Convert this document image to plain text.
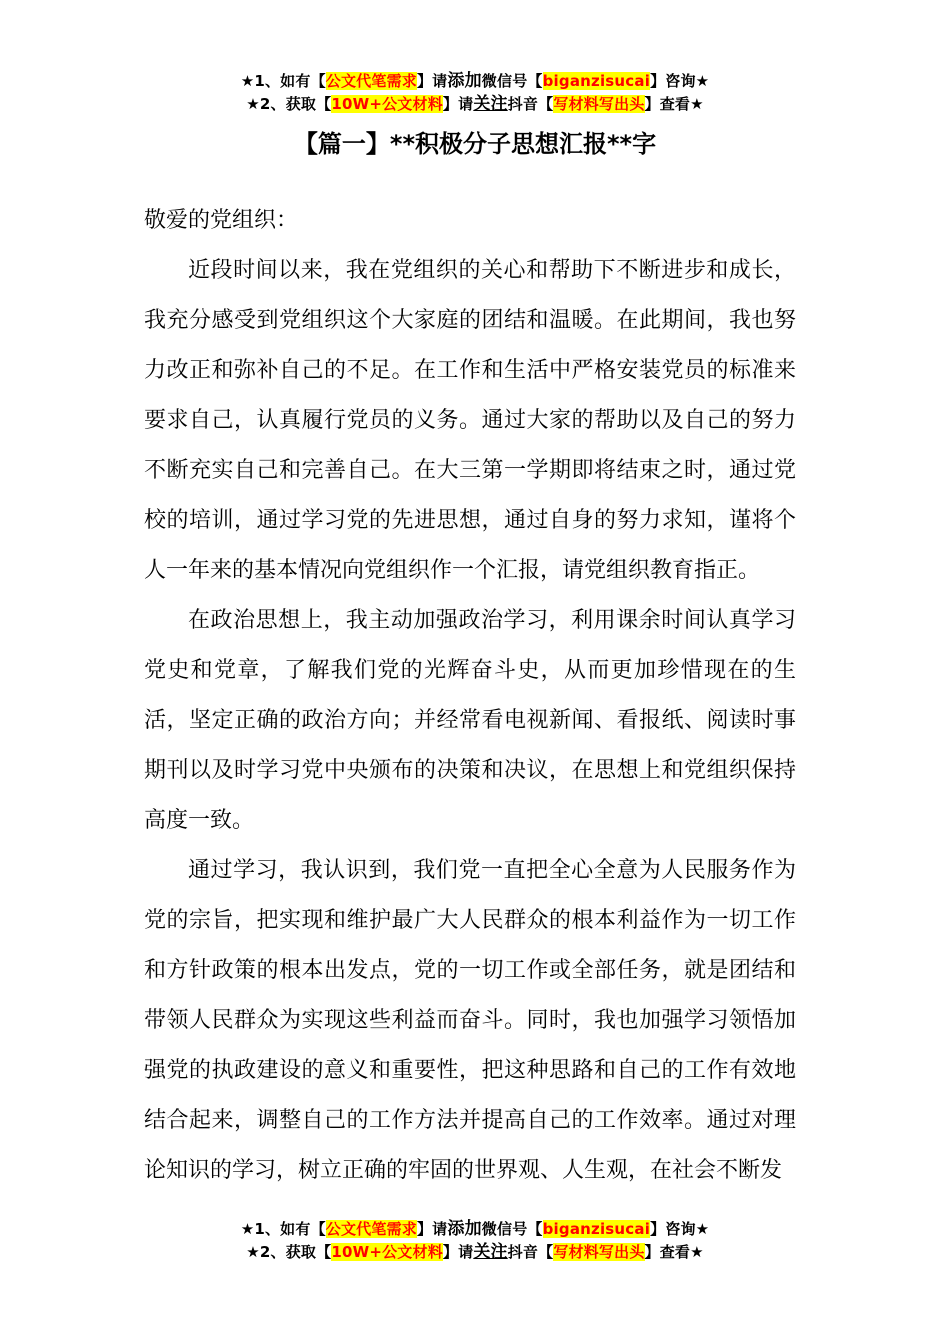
★1、如有【公文代笔需求】请添加微信号【biganzisucai】咨询★
★2、获取【10W+公文材料】请关注抖音【写材料写出头】查看★
【篇一】**积极分子思想汇报**字

敬爱的党组织：

近段时间以来，我在党组织的关心和帮助下不断进步和成长，我充分感受到党组织这个大家庭的团结和温暖。在此期间，我也努力改正和弥补自己的不足。在工作和生活中严格安装党员的标准来要求自己，认真履行党员的义务。通过大家的帮助以及自己的努力不断充实自己和完善自己。在大三第一学期即将结束之时，通过党校的培训，通过学习党的先进思想，通过自身的努力求知，谨将个人一年来的基本情况向党组织作一个汇报，请党组织教育指正。

在政治思想上，我主动加强政治学习，利用课余时间认真学习党史和党章，了解我们党的光辉奋斗史，从而更加珍惜现在的生活，坚定正确的政治方向；并经常看电视新闻、看报纸、阅读时事期刊以及时学习党中央颁布的决策和决议，在思想上和党组织保持高度一致。

通过学习，我认识到，我们党一直把全心全意为人民服务作为党的宗旨，把实现和维护最广大人民群众的根本利益作为一切工作和方针政策的根本出发点，党的一切工作或全部任务，就是团结和带领人民群众为实现这些利益而奋斗。同时，我也加强学习领悟加强党的执政建设的意义和重要性，把这种思路和自己的工作有效地结合起来，调整自己的工作方法并提高自己的工作效率。通过对理论知识的学习，树立正确的牢固的世界观、人生观，在社会不断发

★1、如有【公文代笔需求】请添加微信号【biganzisucai】咨询★
★2、获取【10W+公文材料】请关注抖音【写材料写出头】查看★
